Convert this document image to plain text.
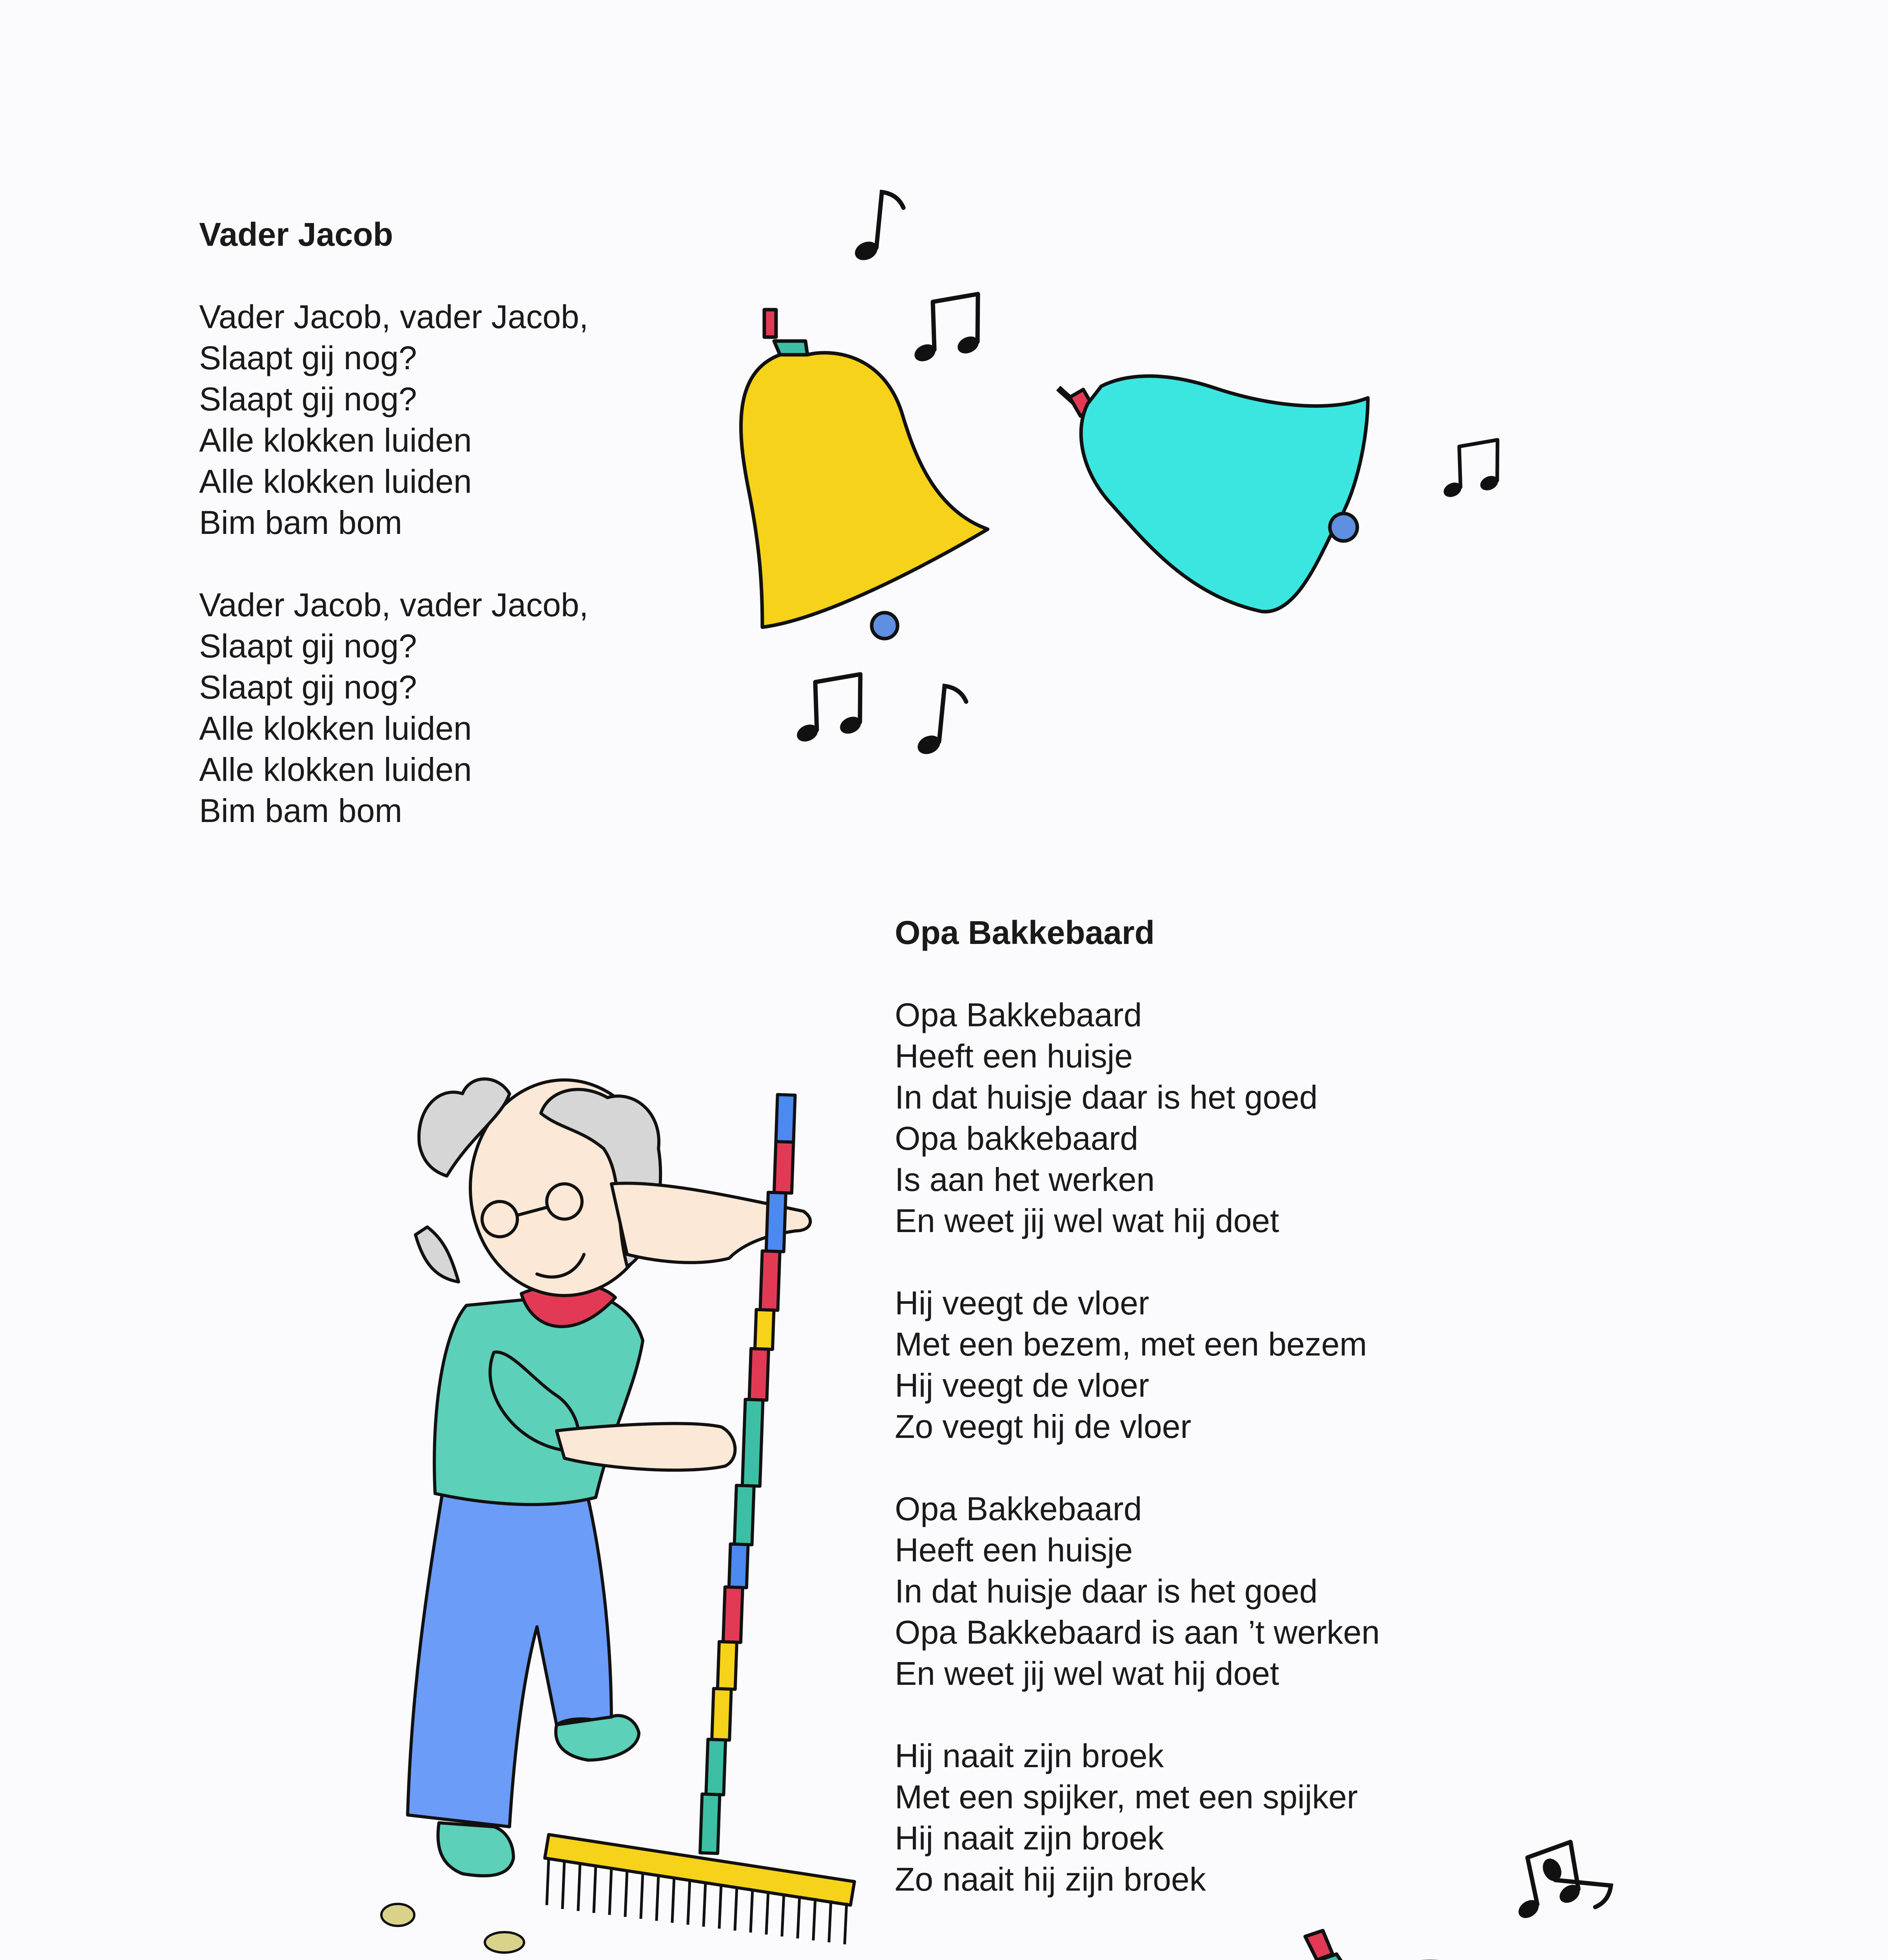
Vader Jacob
Vader Jacob, vader Jacob,
Slaapt gij nog?
Slaapt gij nog?
Alle klokken luiden
Alle klokken luiden
Bim bam bom
Vader Jacob, vader Jacob,
Slaapt gij nog?
Slaapt gij nog?
Alle klokken luiden
Alle klokken luiden
Bim bam bom
Opa Bakkebaard
Opa Bakkebaard
Heeft een huisje
In dat huisje daar is het goed
Opa bakkebaard
Is aan het werken
En weet jij wel wat hij doet
Hij veegt de vloer
Met een bezem, met een bezem
Hij veegt de vloer
Zo veegt hij de vloer
Opa Bakkebaard
Heeft een huisje
In dat huisje daar is het goed
Opa Bakkebaard is aan ’t werken
En weet jij wel wat hij doet
Hij naait zijn broek
Met een spijker, met een spijker
Hij naait zijn broek
Zo naait hij zijn broek
